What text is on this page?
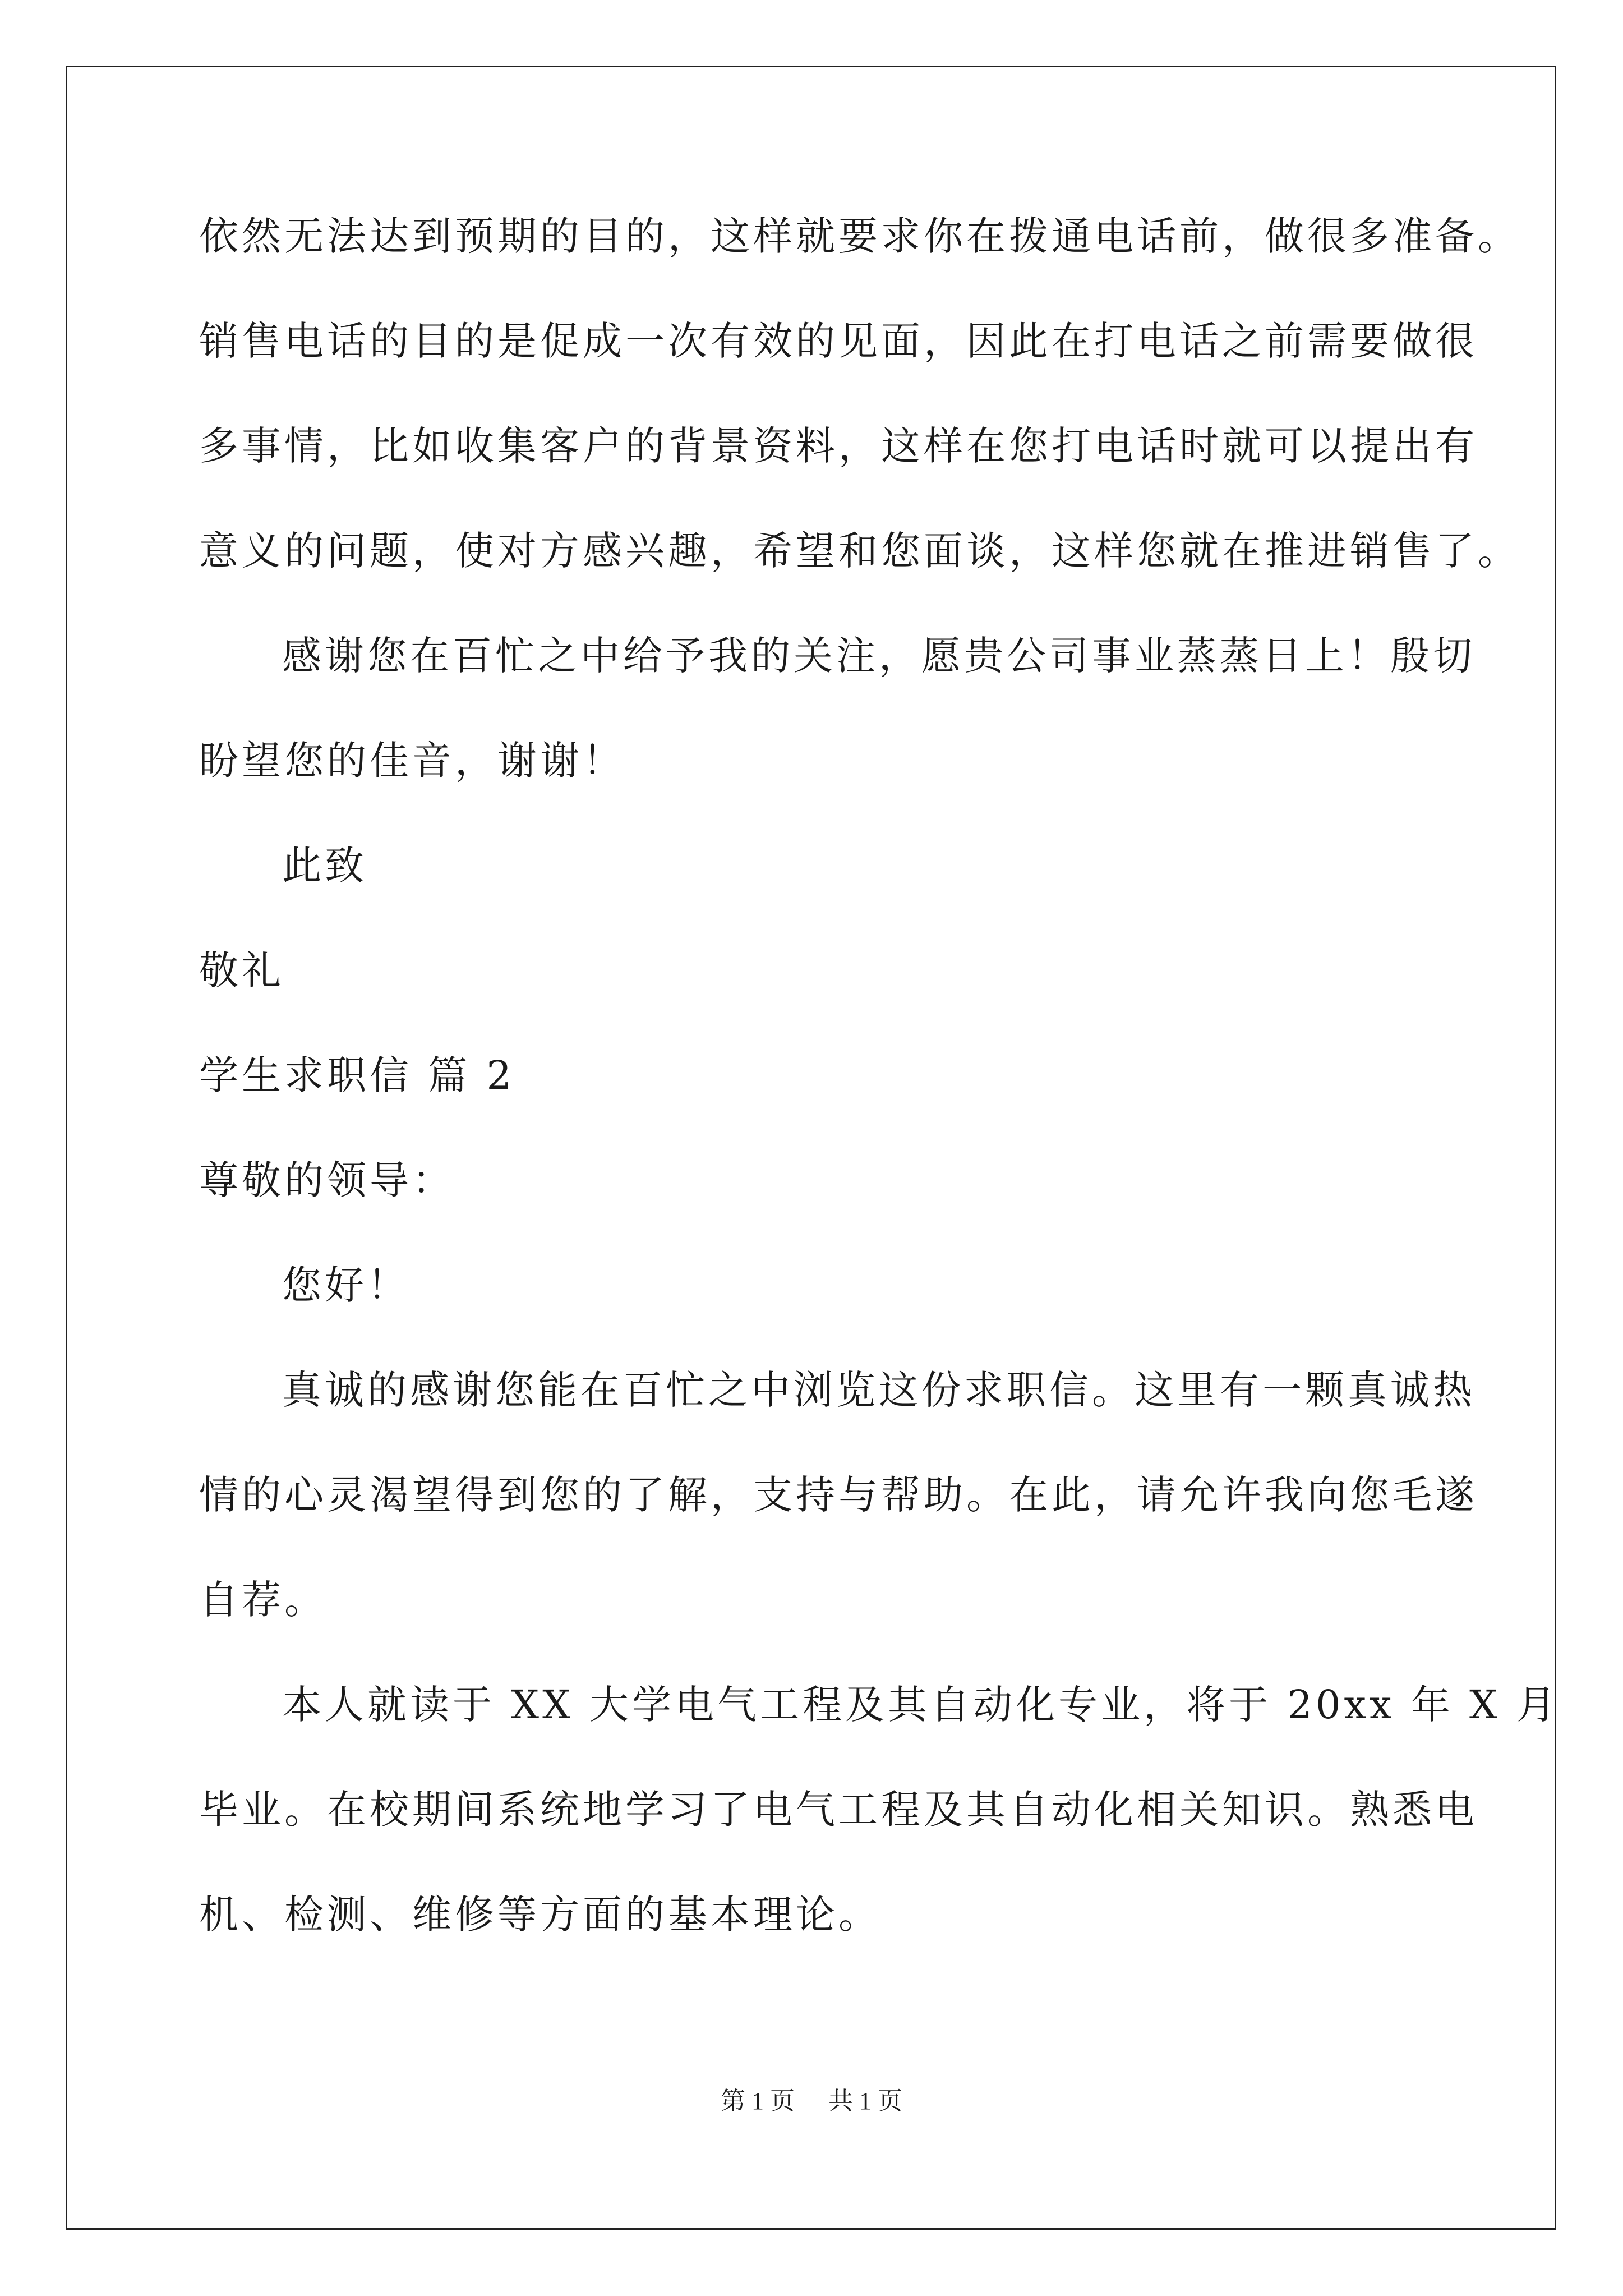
依然无法达到预期的目的，这样就要求你在拨通电话前，做很多准备。
销售电话的目的是促成一次有效的见面，因此在打电话之前需要做很
多事情，比如收集客户的背景资料，这样在您打电话时就可以提出有
意义的问题，使对方感兴趣，希望和您面谈，这样您就在推进销售了。
感谢您在百忙之中给予我的关注，愿贵公司事业蒸蒸日上！殷切
盼望您的佳音，谢谢！
此致
敬礼
学生求职信 篇 2
尊敬的领导：
您好！
真诚的感谢您能在百忙之中浏览这份求职信。这里有一颗真诚热
情的心灵渴望得到您的了解，支持与帮助。在此，请允许我向您毛遂
自荐。
本人就读于 XX 大学电气工程及其自动化专业，将于 20xx 年 X 月
毕业。在校期间系统地学习了电气工程及其自动化相关知识。熟悉电
机、检测、维修等方面的基本理论。
第 1 页 共 1 页
